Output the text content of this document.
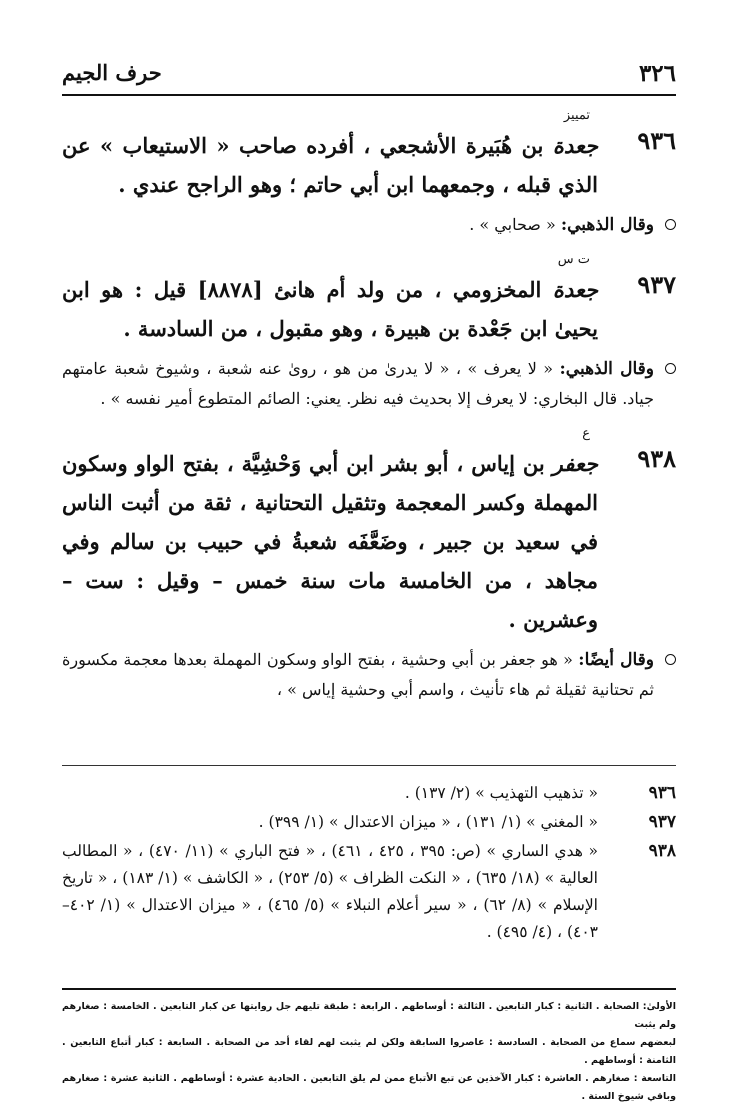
٣٢٦
حرف الجيم
٩٣٦
تمييز
جعدة بن هُبَيرة الأشجعي ، أفرده صاحب « الاستيعاب » عن الذي قبله ، وجمعهما ابن أبي حاتم ؛ وهو الراجح عندي .
وقال الذهبي: « صحابي » .
٩٣٧
ت س
جعدة المخزومي ، من ولد أم هانئ [٨٨٧٨] قيل : هو ابن يحيىٰ ابن جَعْدة بن هبيرة ، وهو مقبول ، من السادسة .
وقال الذهبي: « لا يعرف » ، « لا يدرىٰ من هو ، روىٰ عنه شعبة ، وشيوخ شعبة عامتهم جياد. قال البخاري: لا يعرف إلا بحديث فيه نظر. يعني: الصائم المتطوع أمير نفسه » .
٩٣٨
ع
جعفر بن إياس ، أبو بشر ابن أبي وَحْشِيَّة ، بفتح الواو وسكون المهملة وكسر المعجمة وتثقيل التحتانية ، ثقة من أثبت الناس في سعيد بن جبير ، وضَعَّفَه شعبةُ في حبيب بن سالم وفي مجاهد ، من الخامسة مات سنة خمس – وقيل : ست – وعشرين .
وقال أيضًا: « هو جعفر بن أبي وحشية ، بفتح الواو وسكون المهملة بعدها معجمة مكسورة ثم تحتانية ثقيلة ثم هاء تأنيث ، واسم أبي وحشية إياس » ،
٩٣٦
« تذهيب التهذيب » (٢/ ١٣٧) .
٩٣٧
« المغني » (١/ ١٣١) ، « ميزان الاعتدال » (١/ ٣٩٩) .
٩٣٨
« هدي الساري » (ص: ٣٩٥ ، ٤٢٥ ، ٤٦١) ، « فتح الباري » (١١/ ٤٧٠) ، « المطالب العالية » (١٨/ ٦٣٥) ، « النكت الظراف » (٥/ ٢٥٣) ، « الكاشف » (١/ ١٨٣) ، « تاريخ الإسلام » (٨/ ٦٢) ، « سير أعلام النبلاء » (٥/ ٤٦٥) ، « ميزان الاعتدال » (١/ ٤٠٢–٤٠٣) ، (٤/ ٤٩٥) .
الأولىٰ: الصحابة . الثانية : كبار التابعين . الثالثة : أوساطهم . الرابعة : طبقة تليهم جل روايتها عن كبار التابعين . الخامسة : صغارهم ولم يثبت
لبعضهم سماع من الصحابة . السادسة : عاصروا السابقة ولكن لم يثبت لهم لقاء أحد من الصحابة . السابعة : كبار أتباع التابعين . الثامنة : أوساطهم .
التاسعة : صغارهم . العاشرة : كبار الآخذين عن تبع الأتباع ممن لم يلق التابعين . الحادية عشرة : أوساطهم . الثانية عشرة : صغارهم وباقي شيوخ الستة .
